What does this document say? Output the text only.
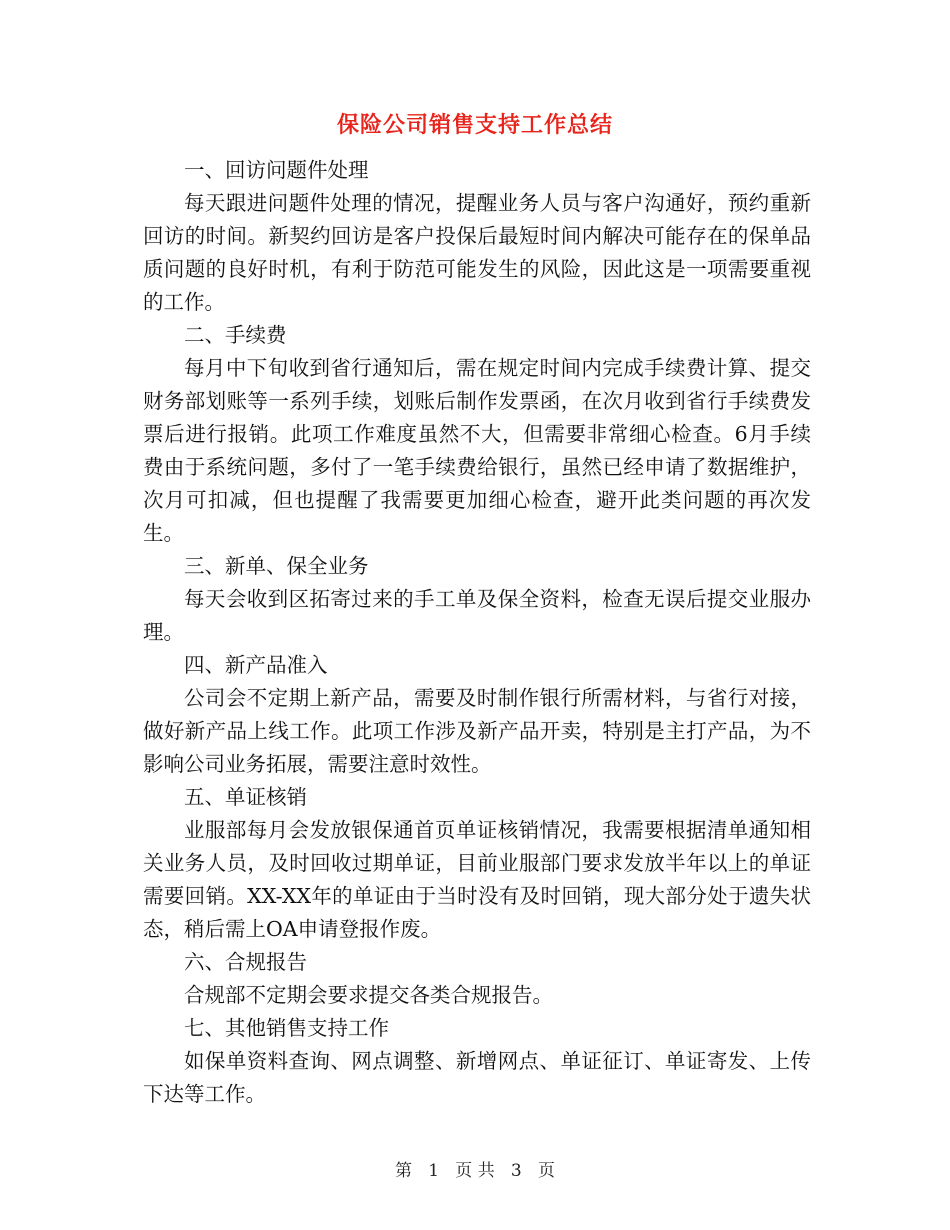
保险公司销售支持工作总结

一、回访问题件处理

每天跟进问题件处理的情况，提醒业务人员与客户沟通好，预约重新回访的时间。新契约回访是客户投保后最短时间内解决可能存在的保单品质问题的良好时机，有利于防范可能发生的风险，因此这是一项需要重视的工作。

二、手续费

每月中下旬收到省行通知后，需在规定时间内完成手续费计算、提交财务部划账等一系列手续，划账后制作发票函，在次月收到省行手续费发票后进行报销。此项工作难度虽然不大，但需要非常细心检查。6月手续费由于系统问题，多付了一笔手续费给银行，虽然已经申请了数据维护，次月可扣减，但也提醒了我需要更加细心检查，避开此类问题的再次发生。

三、新单、保全业务

每天会收到区拓寄过来的手工单及保全资料，检查无误后提交业服办理。

四、新产品准入

公司会不定期上新产品，需要及时制作银行所需材料，与省行对接，做好新产品上线工作。此项工作涉及新产品开卖，特别是主打产品，为不影响公司业务拓展，需要注意时效性。

五、单证核销

业服部每月会发放银保通首页单证核销情况，我需要根据清单通知相关业务人员，及时回收过期单证，目前业服部门要求发放半年以上的单证需要回销。XX-XX年的单证由于当时没有及时回销，现大部分处于遗失状态，稍后需上OA申请登报作废。

六、合规报告

合规部不定期会要求提交各类合规报告。

七、其他销售支持工作

如保单资料查询、网点调整、新增网点、单证征订、单证寄发、上传下达等工作。

第 1 页 共 3 页
